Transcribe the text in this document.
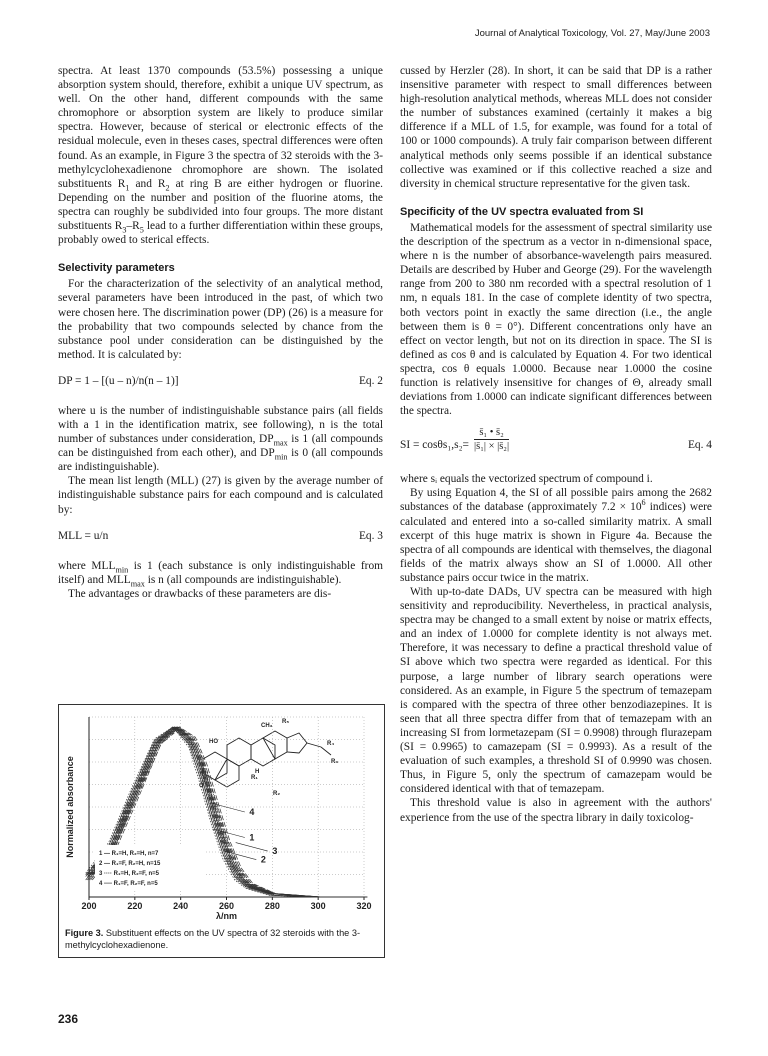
Journal of Analytical Toxicology, Vol. 27, May/June 2003

spectra. At least 1370 compounds (53.5%) possessing a unique absorption system should, therefore, exhibit a unique UV spectrum, as well. On the other hand, different compounds with the same chromophore or absorption system are likely to produce similar spectra. However, because of sterical or electronic effects of the residual molecule, even in theses cases, spectral differences were often found. As an example, in Figure 3 the spectra of 32 steroids with the 3-methylcyclohexadienone chromophore are shown. The isolated substituents $R_1$ and $R_2$ at ring B are either hydrogen or fluorine. Depending on the number and position of the fluorine atoms, the spectra can roughly be subdivided into four groups. The more distant substituents $R_3-R_5$ lead to a further differentiation within these groups, probably owed to sterical effects.

Selectivity parameters

For the characterization of the selectivity of an analytical method, several parameters have been introduced in the past, of which two were chosen here. The discrimination power (DP) (26) is a measure for the probability that two compounds selected by chance from the substance pool under consideration can be distinguished by the method. It is calculated by:

DP = 1 – [(u – n)/n(n – 1)]	Eq. 2

where u is the number of indistinguishable substance pairs (all fields with a 1 in the identification matrix, see following), n is the total number of substances under consideration, $DP_{max}$ is 1 (all compounds can be distinguished from each other), and $DP_{min}$ is 0 (all compounds are indistinguishable).

The mean list length (MLL) (27) is given by the average number of indistinguishable substance pairs for each compound and is calculated by:

MLL = u/n	Eq. 3

where $MLL_{min}$ is 1 (each substance is only indistinguishable from itself) and $MLL_{max}$ is n (all compounds are indistinguishable).

The advantages or drawbacks of these parameters are dis-

HO
CH₃
R₅
R₄
R₃
R₁
R₂
H
O
200	220	240	260	280	300	320
λ/nm
Normalized absorbance	1
2
3
4
1 — R₁=H, R₂=H, n=7
2 — R₁=F, R₂=H, n=15
3 ···· R₁=H, R₂=F, n=5
4 ---- R₁=F, R₂=F, n=5
Figure 3. Substituent effects on the UV spectra of 32 steroids with the 3-methylcyclohexadienone.

cussed by Herzler (28). In short, it can be said that DP is a rather insensitive parameter with respect to small differences between high-resolution analytical methods, whereas MLL does not consider the number of substances examined (certainly it makes a big difference if a MLL of 1.5, for example, was found for a total of 100 or 1000 compounds). A truly fair comparison between different analytical methods only seems possible if an identical substance collective was examined or if this collective reached a size and diversity in chemical structure representative for the given task.

Specificity of the UV spectra evaluated from SI

Mathematical models for the assessment of spectral similarity use the description of the spectrum as a vector in n-dimensional space, where n is the number of absorbance-wavelength pairs measured. Details are described by Huber and George (29). For the wavelength range from 200 to 380 nm recorded with a spectral resolution of 1 nm, n equals 181. In the case of complete identity of two spectra, both vectors point in exactly the same direction (i.e., the angle between them is θ = 0°). Different concentrations only have an effect on vector length, but not on its direction in space. The SI is defined as cos θ and is calculated by Equation 4. For two identical spectra, cos θ equals 1.0000. Because near 1.0000 the cosine function is relatively insensitive for changes of Θ, already small deviations from 1.0000 can indicate significant differences between the spectra.

SI = $\cos\theta s_1,s_2= \frac{\text{s̄₁ • s̄₂}}{\text{|s̄₁| × |s̄₂|}}$	Eq. 4

where sᵢ equals the vectorized spectrum of compound i.

By using Equation 4, the SI of all possible pairs among the 2682 substances of the database (approximately $7.2 \times 10^6$ indices) were calculated and entered into a so-called similarity matrix. A small excerpt of this huge matrix is shown in Figure 4a. Because the spectra of all compounds are identical with themselves, the diagonal fields of the matrix always show an SI of 1.0000. All other substance pairs occur twice in the matrix.

With up-to-date DADs, UV spectra can be measured with high sensitivity and reproducibility. Nevertheless, in practical analysis, spectra may be changed to a small extent by noise or matrix effects, and an index of 1.0000 for complete identity is not always met. Therefore, it was necessary to define a practical threshold value of SI above which two spectra were regarded as identical. For this purpose, a large number of library search operations were considered. As an example, in Figure 5 the spectrum of temazepam is compared with the spectra of three other benzodiazepines. It is seen that all three spectra differ from that of temazepam with an increasing SI from lormetazepam (SI = 0.9908) through flurazepam (SI = 0.9965) to camazepam (SI = 0.9993). As a result of the evaluation of such examples, a threshold SI of 0.9990 was chosen. Thus, in Figure 5, only the spectrum of camazepam would be considered identical with that of temazepam.

This threshold value is also in agreement with the authors' experience from the use of the spectra library in daily toxicolog-

236
